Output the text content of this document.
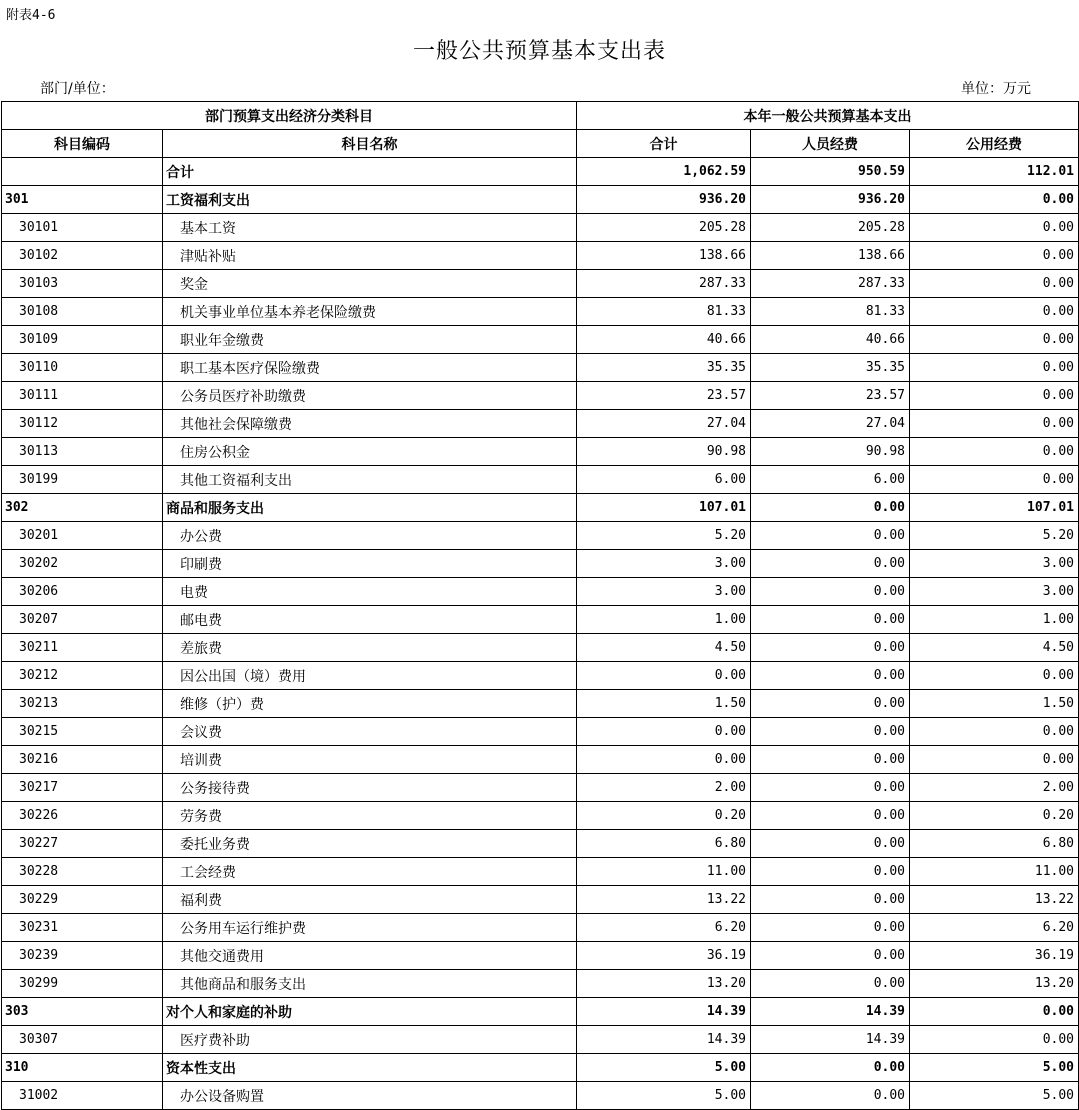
附表4-6
一般公共预算基本支出表
部门/单位：	单位：万元
部门预算支出经济分类科目		本年一般公共预算基本支出		
科目编码	科目名称	合计	人员经费	公用经费
	合计	1,062.59	950.59	112.01
301	工资福利支出	936.20	936.20	0.00
30101	基本工资	205.28	205.28	0.00
30102	津贴补贴	138.66	138.66	0.00
30103	奖金	287.33	287.33	0.00
30108	机关事业单位基本养老保险缴费	81.33	81.33	0.00
30109	职业年金缴费	40.66	40.66	0.00
30110	职工基本医疗保险缴费	35.35	35.35	0.00
30111	公务员医疗补助缴费	23.57	23.57	0.00
30112	其他社会保障缴费	27.04	27.04	0.00
30113	住房公积金	90.98	90.98	0.00
30199	其他工资福利支出	6.00	6.00	0.00
302	商品和服务支出	107.01	0.00	107.01
30201	办公费	5.20	0.00	5.20
30202	印刷费	3.00	0.00	3.00
30206	电费	3.00	0.00	3.00
30207	邮电费	1.00	0.00	1.00
30211	差旅费	4.50	0.00	4.50
30212	因公出国（境）费用	0.00	0.00	0.00
30213	维修（护）费	1.50	0.00	1.50
30215	会议费	0.00	0.00	0.00
30216	培训费	0.00	0.00	0.00
30217	公务接待费	2.00	0.00	2.00
30226	劳务费	0.20	0.00	0.20
30227	委托业务费	6.80	0.00	6.80
30228	工会经费	11.00	0.00	11.00
30229	福利费	13.22	0.00	13.22
30231	公务用车运行维护费	6.20	0.00	6.20
30239	其他交通费用	36.19	0.00	36.19
30299	其他商品和服务支出	13.20	0.00	13.20
303	对个人和家庭的补助	14.39	14.39	0.00
30307	医疗费补助	14.39	14.39	0.00
310	资本性支出	5.00	0.00	5.00
31002	办公设备购置	5.00	0.00	5.00
